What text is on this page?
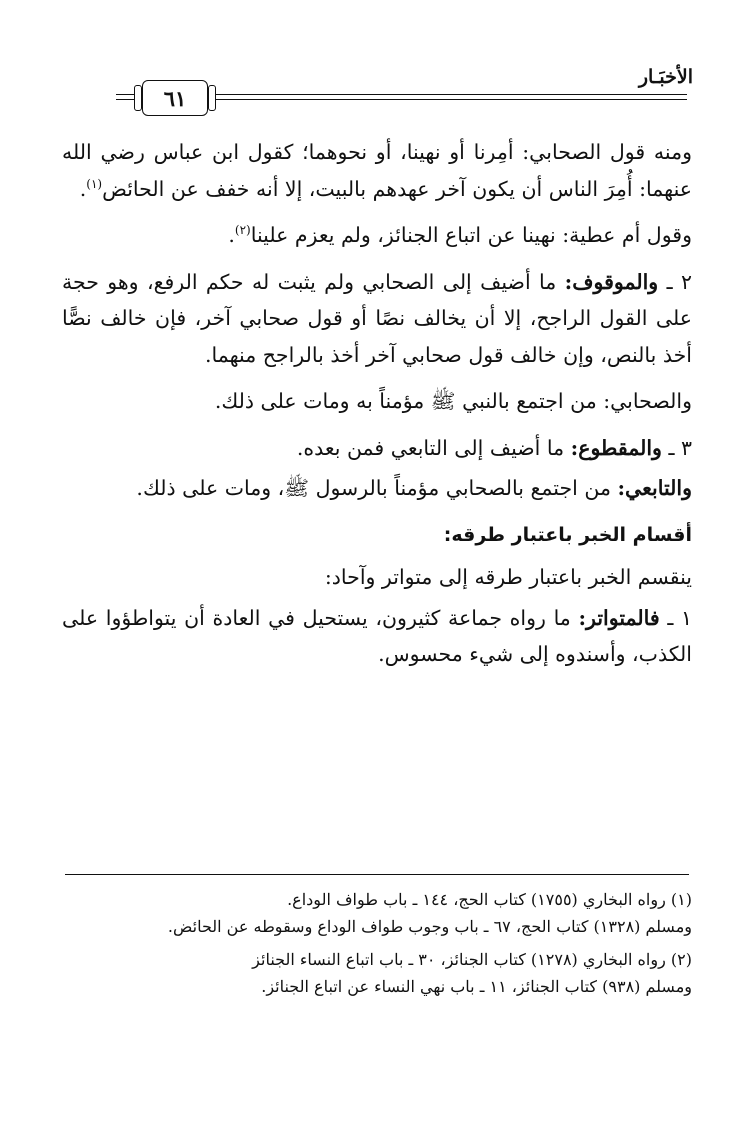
الأخبَـار
٦١

ومنه قول الصحابي: أمِرنا أو نهينا، أو نحوهما؛ كقول ابن عباس رضي الله عنهما: أُمِرَ الناس أن يكون آخر عهدهم بالبيت، إلا أنه خفف عن الحائض$^{(١)}$.

وقول أم عطية: نهينا عن اتباع الجنائز، ولم يعزم علينا$^{(٢)}$.

٢ ـ والموقوف: ما أضيف إلى الصحابي ولم يثبت له حكم الرفع، وهو حجة على القول الراجح، إلا أن يخالف نصًا أو قول صحابي آخر، فإن خالف نصًّا أخذ بالنص، وإن خالف قول صحابي آخر أخذ بالراجح منهما.

والصحابي: من اجتمع بالنبي ﷺ مؤمناً به ومات على ذلك.

٣ ـ والمقطوع: ما أضيف إلى التابعي فمن بعده.

والتابعي: من اجتمع بالصحابي مؤمناً بالرسول ﷺ، ومات على ذلك.

أقسام الخبر باعتبار طرقه:

ينقسم الخبر باعتبار طرقه إلى متواتر وآحاد:

١ ـ فالمتواتر: ما رواه جماعة كثيرون، يستحيل في العادة أن يتواطؤوا على الكذب، وأسندوه إلى شيء محسوس.

(١) رواه البخاري (١٧٥٥) كتاب الحج، ١٤٤ ـ باب طواف الوداع.
ومسلم (١٣٢٨) كتاب الحج، ٦٧ ـ باب وجوب طواف الوداع وسقوطه عن الحائض.

(٢) رواه البخاري (١٢٧٨) كتاب الجنائز، ٣٠ ـ باب اتباع النساء الجنائز
ومسلم (٩٣٨) كتاب الجنائز، ١١ ـ باب نهي النساء عن اتباع الجنائز.
